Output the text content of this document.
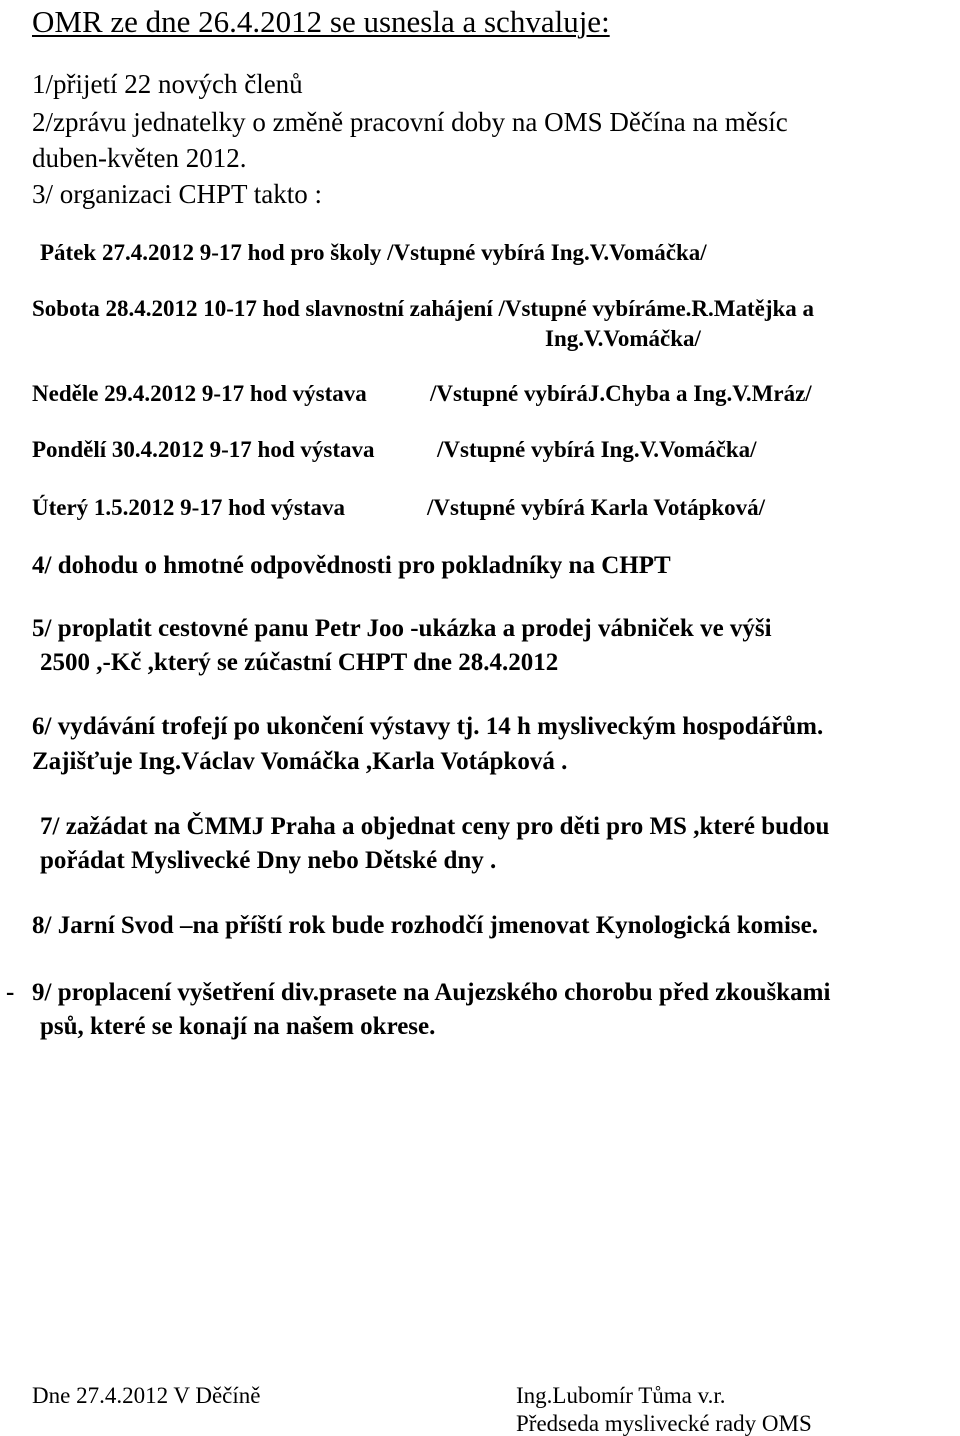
OMR ze dne 26.4.2012 se usnesla a schvaluje:
1/přijetí 22 nových členů
2/zprávu jednatelky o změně pracovní doby na OMS Děčína na měsíc
duben-květen 2012.
3/ organizaci CHPT takto :
Pátek 27.4.2012 9-17 hod pro školy /Vstupné vybírá Ing.V.Vomáčka/
Sobota 28.4.2012 10-17 hod slavnostní zahájení /Vstupné vybíráme.R.Matějka a
Ing.V.Vomáčka/
Neděle 29.4.2012 9-17 hod výstava	/Vstupné vybíráJ.Chyba a Ing.V.Mráz/
Pondělí 30.4.2012 9-17 hod výstava	/Vstupné vybírá Ing.V.Vomáčka/
Úterý 1.5.2012 9-17 hod výstava	/Vstupné vybírá Karla Votápková/
4/ dohodu o hmotné odpovědnosti pro pokladníky na CHPT
5/ proplatit cestovné panu Petr Joo -ukázka a prodej vábniček ve výši
2500 ,-Kč ,který se zúčastní CHPT dne 28.4.2012
6/ vydávání trofejí po ukončení výstavy tj. 14 h mysliveckým hospodářům.
Zajišťuje Ing.Václav Vomáčka ,Karla Votápková .
7/ zažádat na ČMMJ Praha a objednat ceny pro děti pro MS ,které budou
pořádat Myslivecké Dny nebo Dětské dny .
8/ Jarní Svod –na příští rok bude rozhodčí jmenovat Kynologická komise.
- 9/ proplacení vyšetření div.prasete na Aujezského chorobu před zkouškami
psů, které se konají na našem okrese.
Dne 27.4.2012 V Děčíně	Ing.Lubomír Tůma v.r.
Předseda myslivecké rady OMS
